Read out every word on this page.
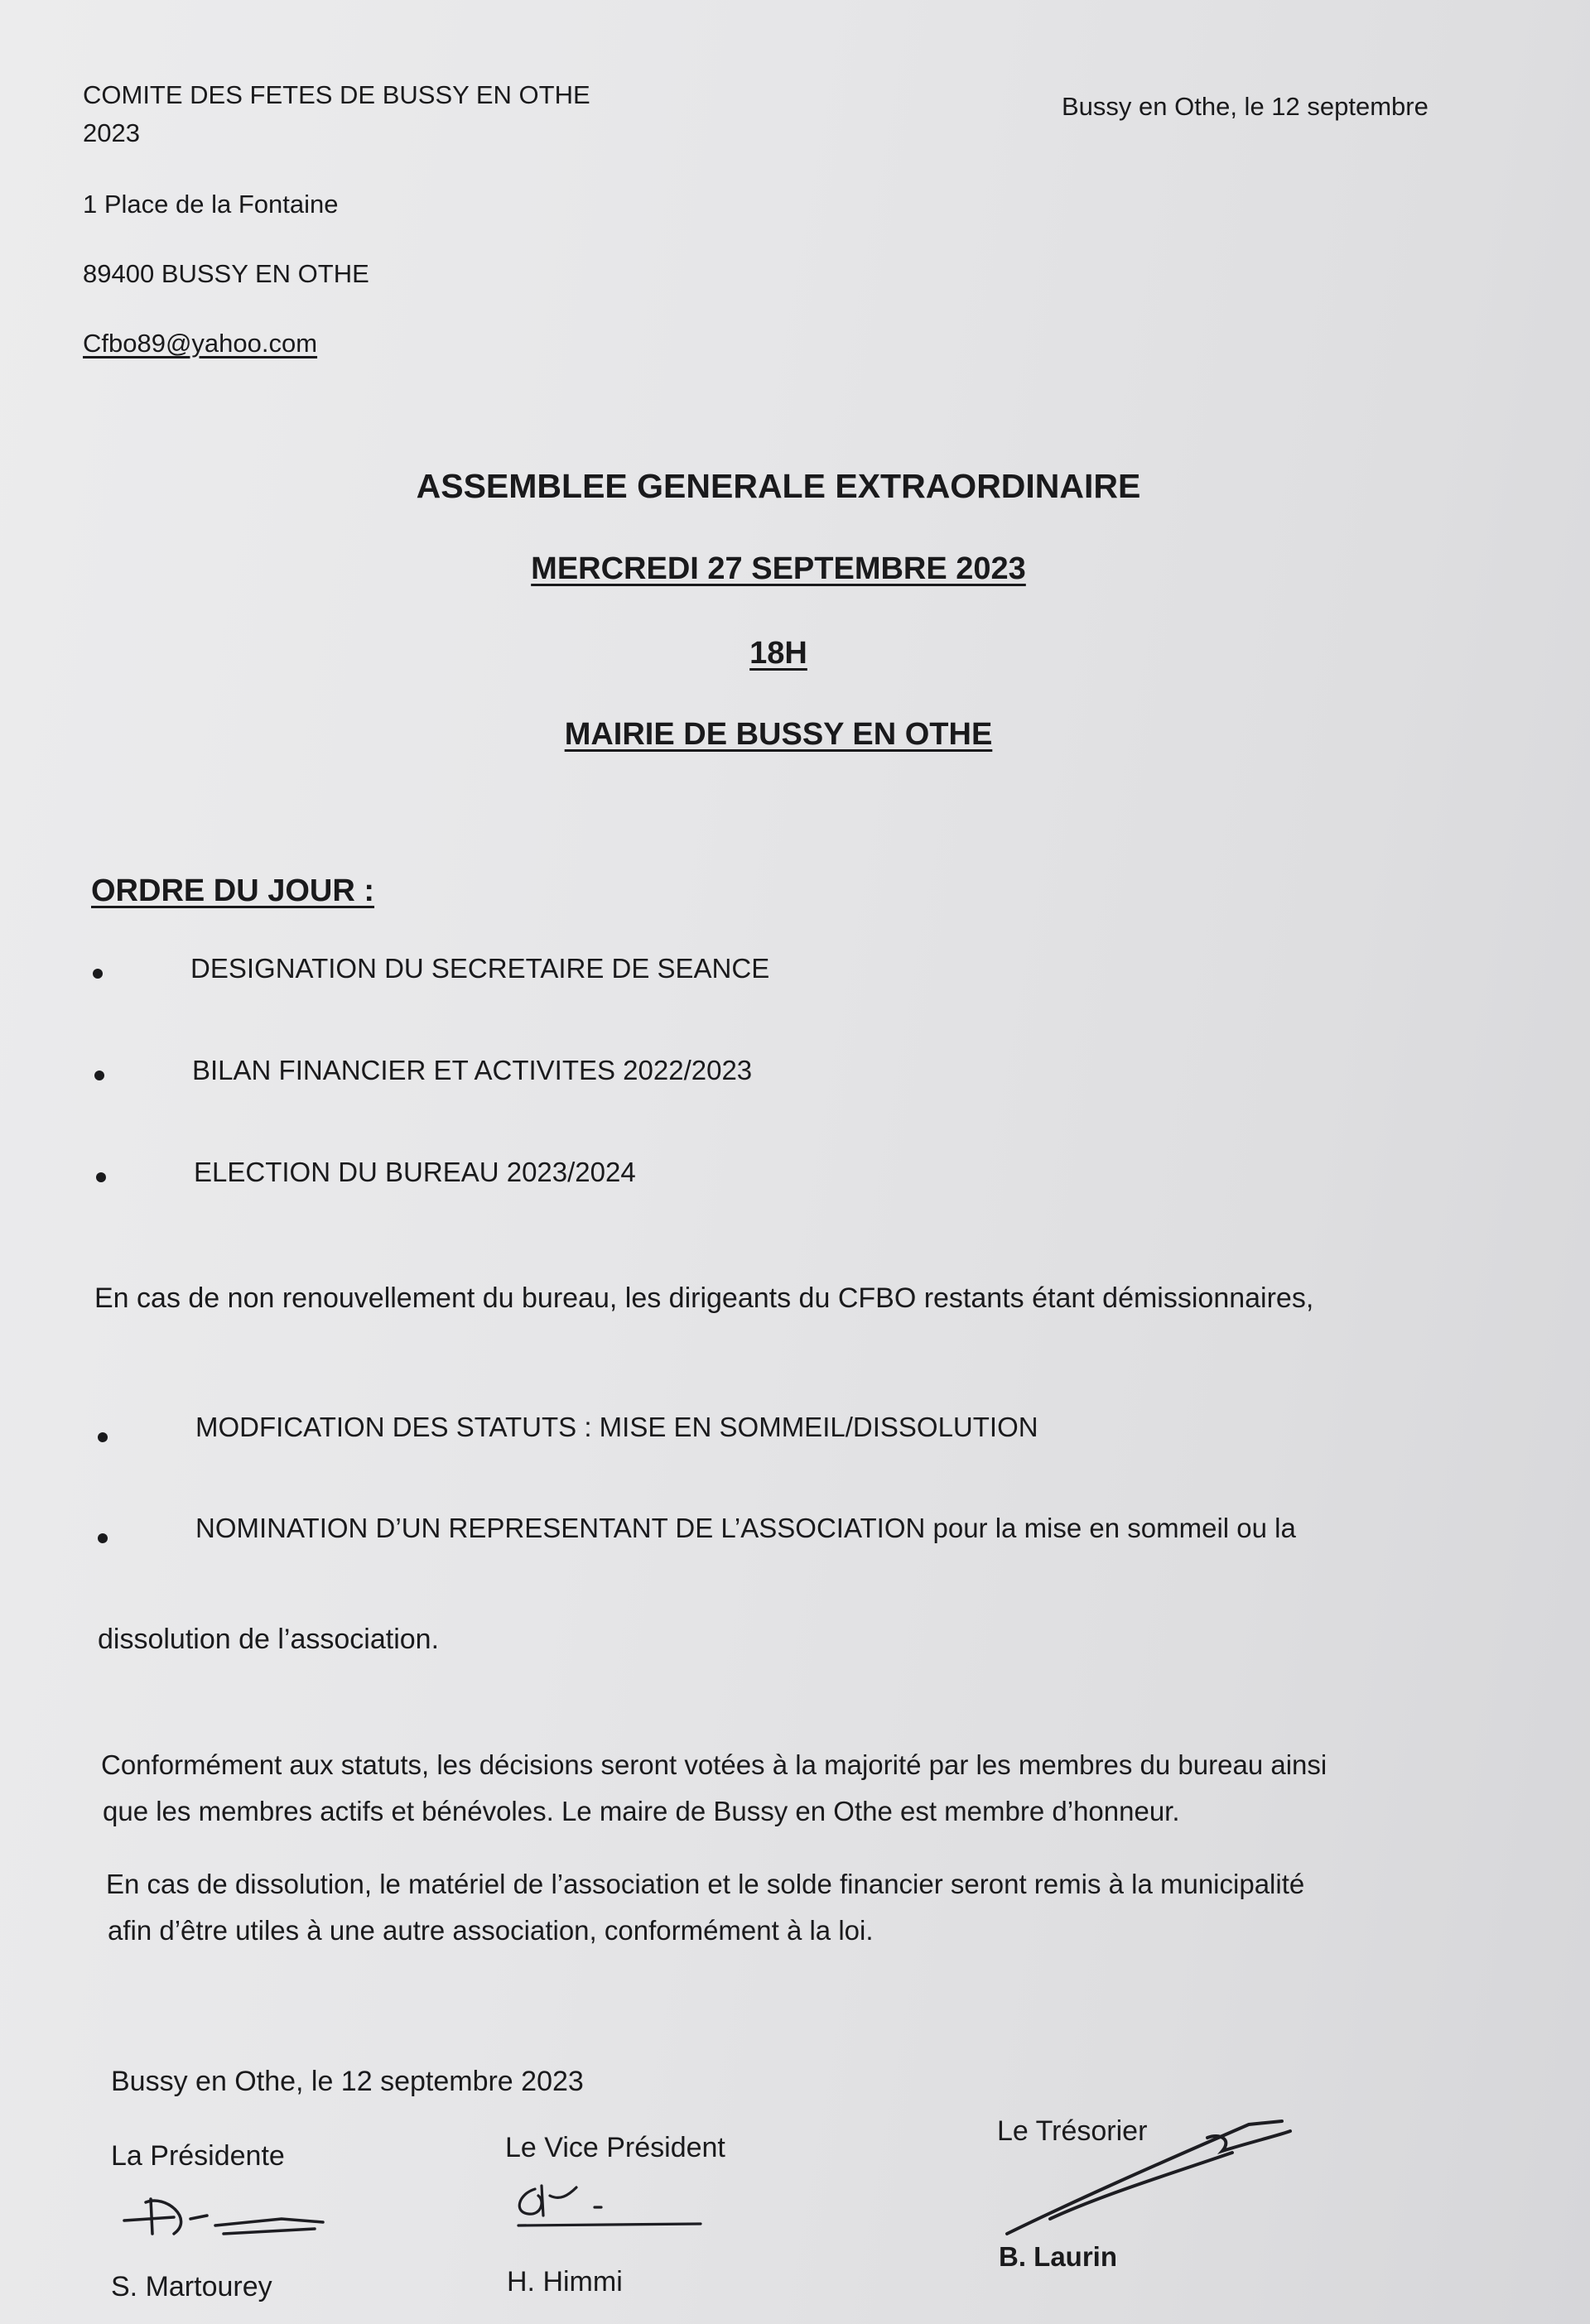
COMITE DES FETES DE BUSSY EN OTHE
2023
1 Place de la Fontaine
89400 BUSSY EN OTHE
Cfbo89@yahoo.com
Bussy en Othe, le 12 septembre
ASSEMBLEE GENERALE EXTRAORDINAIRE
MERCREDI 27 SEPTEMBRE 2023
18H
MAIRIE DE BUSSY EN OTHE
ORDRE DU JOUR :
DESIGNATION DU SECRETAIRE DE SEANCE
BILAN FINANCIER ET ACTIVITES 2022/2023
ELECTION DU BUREAU 2023/2024
En cas de non renouvellement du bureau, les dirigeants du CFBO restants étant démissionnaires,
MODFICATION DES STATUTS : MISE EN SOMMEIL/DISSOLUTION
NOMINATION D’UN REPRESENTANT DE L’ASSOCIATION pour la mise en sommeil ou la
dissolution de l’association.
Conformément aux statuts, les décisions seront votées à la majorité par les membres du bureau ainsi
que les membres actifs et bénévoles. Le maire de Bussy en Othe est membre d’honneur.
En cas de dissolution, le matériel de l’association et le solde financier seront remis à la municipalité
afin d’être utiles à une autre association, conformément à la loi.
Bussy en Othe, le 12 septembre 2023
La Présidente	Le Vice Président
Le Trésorier
S. Martourey	H. Himmi
B. Laurin
